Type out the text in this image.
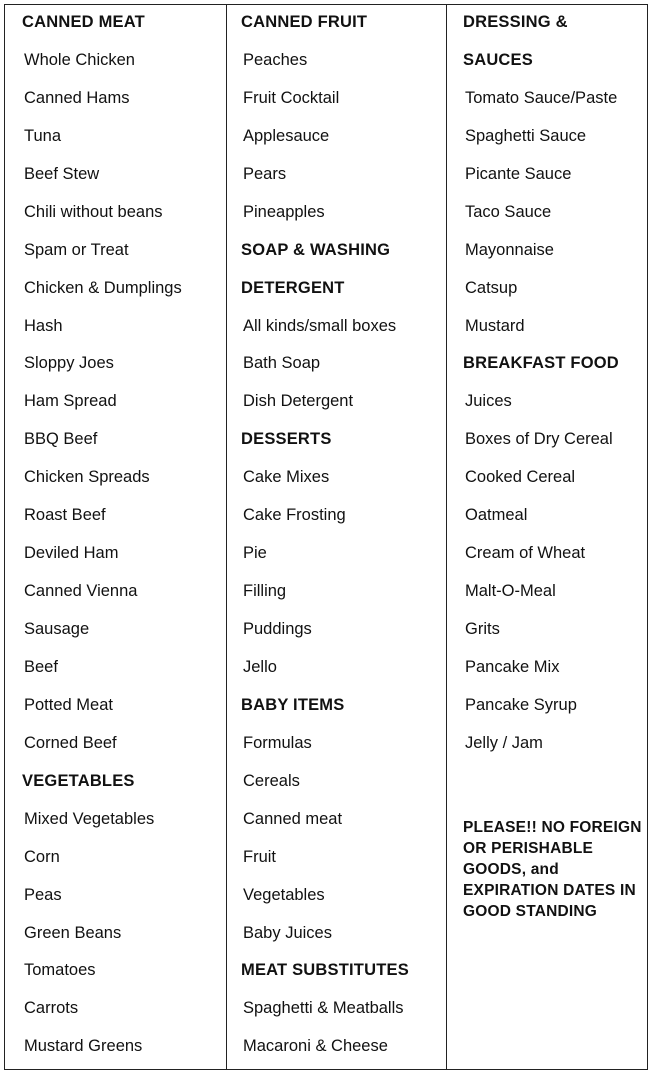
CANNED MEAT
Whole Chicken
Canned Hams
Tuna
Beef Stew
Chili without beans
Spam or Treat
Chicken & Dumplings
Hash
Sloppy Joes
Ham Spread
BBQ Beef
Chicken Spreads
Roast Beef
Deviled Ham
Canned Vienna
Sausage
Beef
Potted Meat
Corned Beef
VEGETABLES
Mixed Vegetables
Corn
Peas
Green Beans
Tomatoes
Carrots
Mustard Greens
CANNED FRUIT
Peaches
Fruit Cocktail
Applesauce
Pears
Pineapples
SOAP & WASHING
DETERGENT
All kinds/small boxes
Bath Soap
Dish Detergent
DESSERTS
Cake Mixes
Cake Frosting
Pie
Filling
Puddings
Jello
BABY ITEMS
Formulas
Cereals
Canned meat
Fruit
Vegetables
Baby Juices
MEAT SUBSTITUTES
Spaghetti & Meatballs
Macaroni & Cheese
DRESSING &
SAUCES
Tomato Sauce/Paste
Spaghetti Sauce
Picante Sauce
Taco Sauce
Mayonnaise
Catsup
Mustard
BREAKFAST FOOD
Juices
Boxes of Dry Cereal
Cooked Cereal
Oatmeal
Cream of Wheat
Malt-O-Meal
Grits
Pancake Mix
Pancake Syrup
Jelly / Jam
PLEASE!! NO FOREIGN OR PERISHABLE GOODS, and EXPIRATION DATES IN GOOD STANDING
